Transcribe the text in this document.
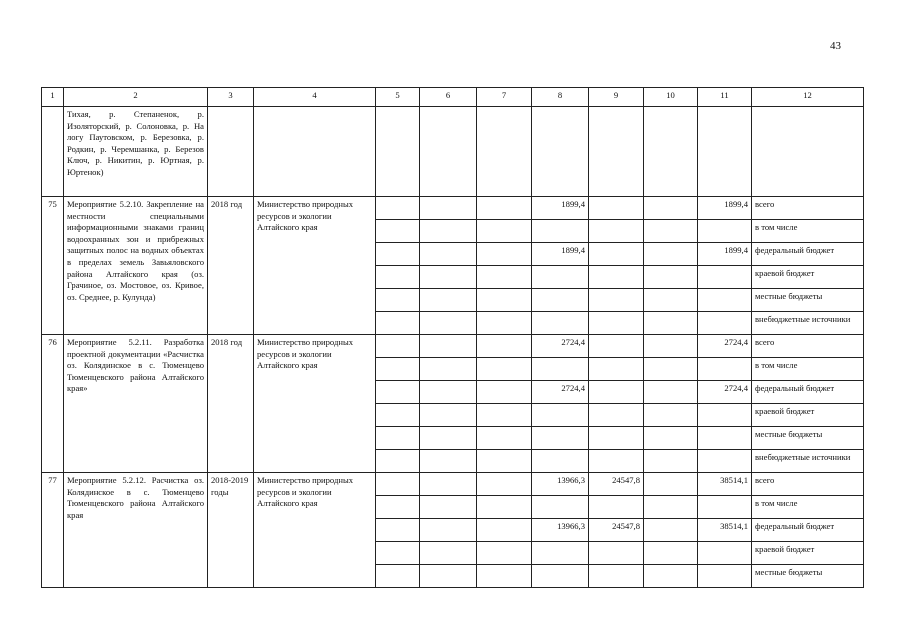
43
1	2	3	4	5	6	7	8	9	10	11	12
	Тихая, р. Степаненок, р. Изоляторский, р. Солоновка, р. На логу Паутовском, р. Березовка, р. Родкин, р. Черемшанка, р. Березов Ключ, р. Никитин, р. Юртная, р. Юртенок)										
75	Мероприятие 5.2.10. Закрепление на местности специальными информационными знаками границ водоохранных зон и прибрежных защитных полос на водных объектах в пределах земель Завьяловского района Алтайского края (оз. Грачиное, оз. Мостовое, оз. Кривое, оз. Среднее, р. Кулунда)	2018 год	Министерство природных ресурсов и экологии Алтайского края				1899,4			1899,4	всего
											в том числе
							1899,4			1899,4	федеральный бюджет
											краевой бюджет
											местные бюджеты
											внебюджетные источники
76	Мероприятие 5.2.11. Разработка проектной документации «Расчистка оз. Колядинское в с. Тюменцево Тюменцевского района Алтайского края»	2018 год	Министерство природных ресурсов и экологии Алтайского края				2724,4			2724,4	всего
											в том числе
							2724,4			2724,4	федеральный бюджет
											краевой бюджет
											местные бюджеты
											внебюджетные источники
77	Мероприятие 5.2.12. Расчистка оз. Колядинское в с. Тюменцево Тюменцевского района Алтайского края	2018-2019 годы	Министерство природных ресурсов и экологии Алтайского края				13966,3	24547,8		38514,1	всего
											в том числе
							13966,3	24547,8		38514,1	федеральный бюджет
											краевой бюджет
											местные бюджеты
